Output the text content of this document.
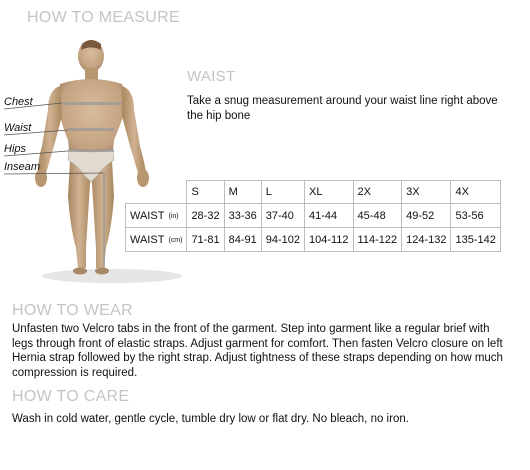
HOW TO MEASURE
Chest
Waist
Hips
Inseam
WAIST

Take a snug measurement around your waist line right above the hip bone

	S	M	L	XL	2X	3X	4X
WAIST (in)	28-32	33-36	37-40	41-44	45-48	49-52	53-56
WAIST (cm)	71-81	84-91	94-102	104-112	114-122	124-132	135-142
HOW TO WEAR

Unfasten two Velcro tabs in the front of the garment. Step into garment like a regular brief with legs through front of elastic straps. Adjust garment for comfort. Then fasten Velcro closure on left Hernia strap followed by the right strap. Adjust tightness of these straps depending on how much compression is required.

HOW TO CARE

Wash in cold water, gentle cycle, tumble dry low or flat dry. No bleach, no iron.
